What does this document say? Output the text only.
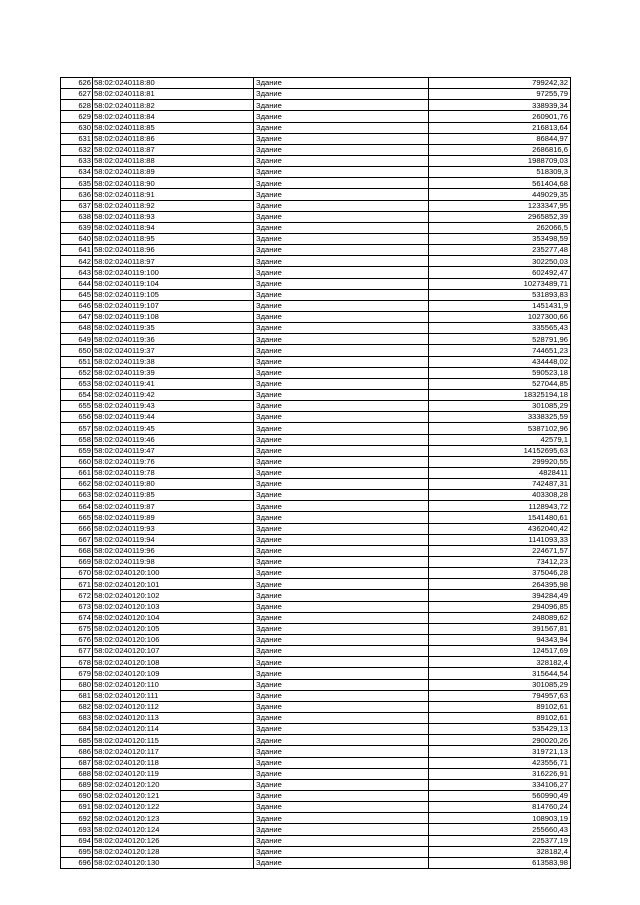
626	58:02:0240118:80	Здание	799242,32
627	58:02:0240118:81	Здание	97255,79
628	58:02:0240118:82	Здание	338939,34
629	58:02:0240118:84	Здание	260901,76
630	58:02:0240118:85	Здание	216813,64
631	58:02:0240118:86	Здание	86844,97
632	58:02:0240118:87	Здание	2686816,6
633	58:02:0240118:88	Здание	1988709,03
634	58:02:0240118:89	Здание	518309,3
635	58:02:0240118:90	Здание	561404,68
636	58:02:0240118:91	Здание	449029,35
637	58:02:0240118:92	Здание	1233347,95
638	58:02:0240118:93	Здание	2965852,39
639	58:02:0240118:94	Здание	262066,5
640	58:02:0240118:95	Здание	353498,59
641	58:02:0240118:96	Здание	235277,48
642	58:02:0240118:97	Здание	302250,03
643	58:02:0240119:100	Здание	602492,47
644	58:02:0240119:104	Здание	10273489,71
645	58:02:0240119:105	Здание	531893,83
646	58:02:0240119:107	Здание	1451431,9
647	58:02:0240119:108	Здание	1027300,66
648	58:02:0240119:35	Здание	335565,43
649	58:02:0240119:36	Здание	528791,96
650	58:02:0240119:37	Здание	744651,23
651	58:02:0240119:38	Здание	434448,02
652	58:02:0240119:39	Здание	590523,18
653	58:02:0240119:41	Здание	527044,85
654	58:02:0240119:42	Здание	18325194,18
655	58:02:0240119:43	Здание	301085,29
656	58:02:0240119:44	Здание	3338325,59
657	58:02:0240119:45	Здание	5387102,96
658	58:02:0240119:46	Здание	42579,1
659	58:02:0240119:47	Здание	14152695,63
660	58:02:0240119:76	Здание	299920,55
661	58:02:0240119:78	Здание	4828411
662	58:02:0240119:80	Здание	742487,31
663	58:02:0240119:85	Здание	403308,28
664	58:02:0240119:87	Здание	1128943,72
665	58:02:0240119:89	Здание	1541480,61
666	58:02:0240119:93	Здание	4362040,42
667	58:02:0240119:94	Здание	1141093,33
668	58:02:0240119:96	Здание	224671,57
669	58:02:0240119:98	Здание	73412,23
670	58:02:0240120:100	Здание	375046,28
671	58:02:0240120:101	Здание	264395,98
672	58:02:0240120:102	Здание	394284,49
673	58:02:0240120:103	Здание	294096,85
674	58:02:0240120:104	Здание	248089,62
675	58:02:0240120:105	Здание	391567,81
676	58:02:0240120:106	Здание	94343,94
677	58:02:0240120:107	Здание	124517,69
678	58:02:0240120:108	Здание	328182,4
679	58:02:0240120:109	Здание	315644,54
680	58:02:0240120:110	Здание	301085,29
681	58:02:0240120:111	Здание	794957,63
682	58:02:0240120:112	Здание	89102,61
683	58:02:0240120:113	Здание	89102,61
684	58:02:0240120:114	Здание	535429,13
685	58:02:0240120:115	Здание	290020,26
686	58:02:0240120:117	Здание	319721,13
687	58:02:0240120:118	Здание	423556,71
688	58:02:0240120:119	Здание	316226,91
689	58:02:0240120:120	Здание	334106,27
690	58:02:0240120:121	Здание	560990,49
691	58:02:0240120:122	Здание	814760,24
692	58:02:0240120:123	Здание	108903,19
693	58:02:0240120:124	Здание	255660,43
694	58:02:0240120:126	Здание	225377,19
695	58:02:0240120:128	Здание	328182,4
696	58:02:0240120:130	Здание	613583,98
